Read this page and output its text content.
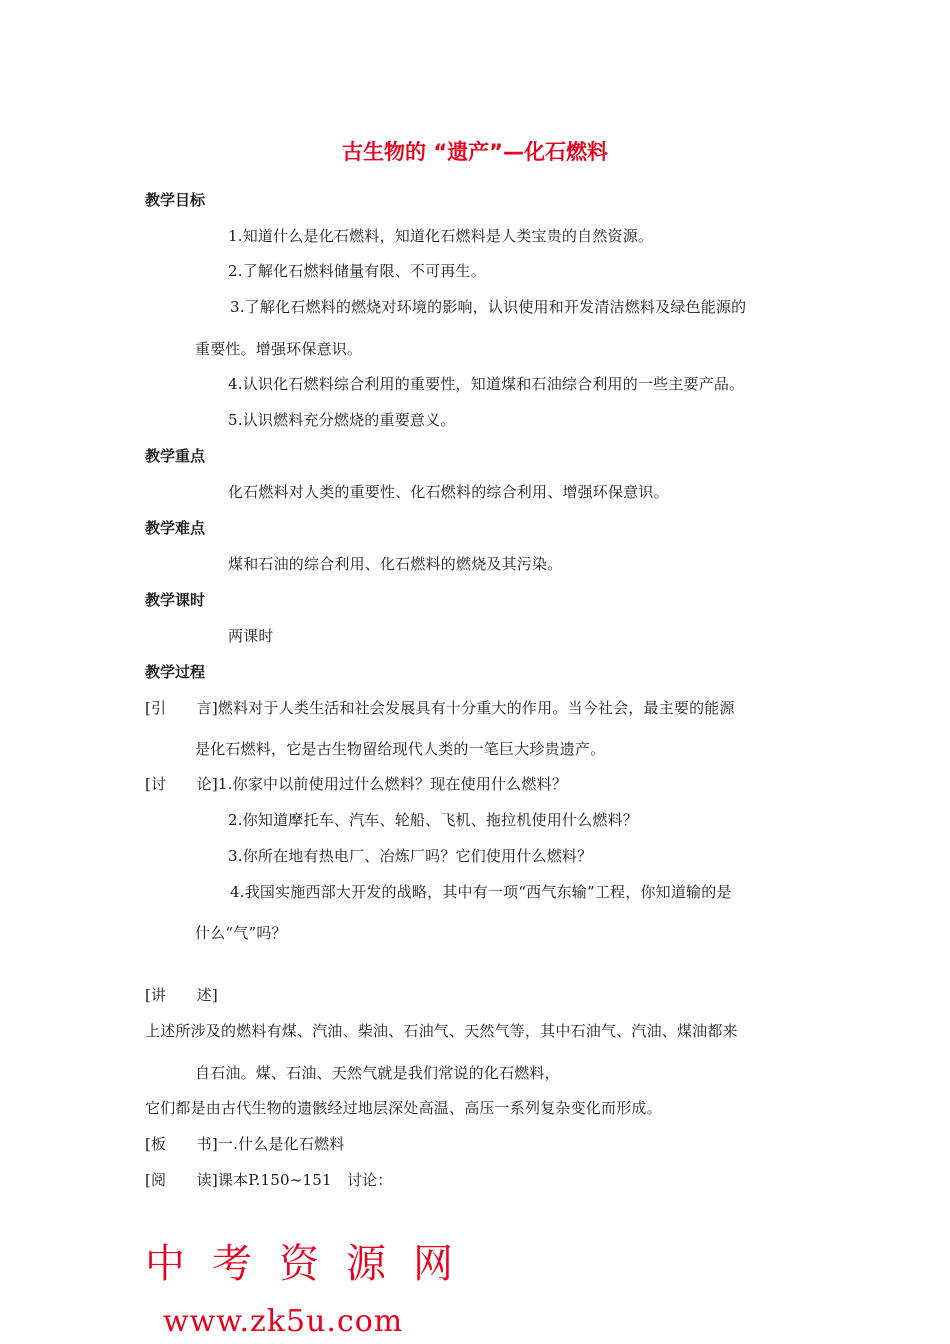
古生物的 “遗产”—化石燃料
教学目标
1.知道什么是化石燃料，知道化石燃料是人类宝贵的自然资源。
2.了解化石燃料储量有限、不可再生。
3.了解化石燃料的燃烧对环境的影响，认识使用和开发清洁燃料及绿色能源的
重要性。增强环保意识。
4.认识化石燃料综合利用的重要性，知道煤和石油综合利用的一些主要产品。
5.认识燃料充分燃烧的重要意义。
教学重点
化石燃料对人类的重要性、化石燃料的综合利用、增强环保意识。
教学难点
煤和石油的综合利用、化石燃料的燃烧及其污染。
教学课时
两课时
教学过程
[引　　言]燃料对于人类生活和社会发展具有十分重大的作用。当今社会，最主要的能源
是化石燃料，它是古生物留给现代人类的一笔巨大珍贵遗产。
[讨　　论]1.你家中以前使用过什么燃料？现在使用什么燃料？
2.你知道摩托车、汽车、轮船、飞机、拖拉机使用什么燃料？
3.你所在地有热电厂、冶炼厂吗？它们使用什么燃料？
4.我国实施西部大开发的战略，其中有一项“西气东输”工程，你知道输的是
什么“气”吗？
[讲　　述]
上述所涉及的燃料有煤、汽油、柴油、石油气、天然气等，其中石油气、汽油、煤油都来
自石油。煤、石油、天然气就是我们常说的化石燃料，
它们都是由古代生物的遗骸经过地层深处高温、高压一系列复杂变化而形成。
[板　　书]一.什么是化石燃料
[阅　　读]课本P.150~151　讨论：
中考资源网
www.zk5u.com
